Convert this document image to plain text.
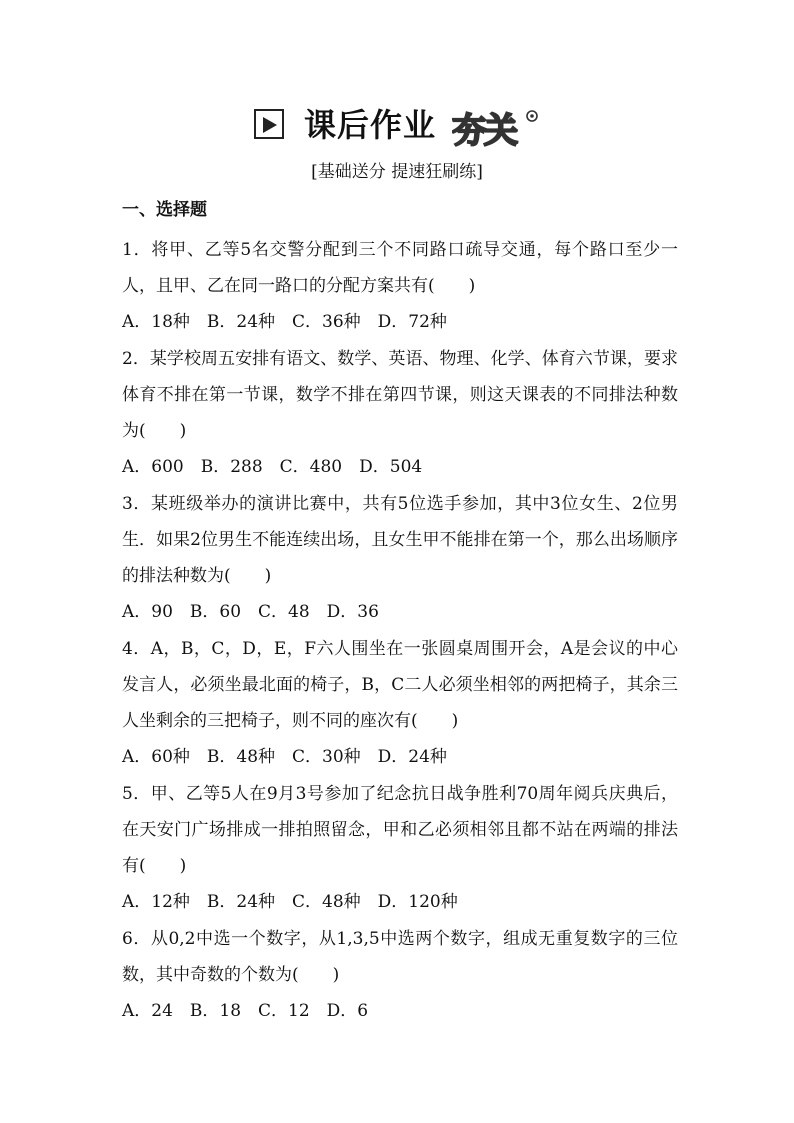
课后作业 夯关
[基础送分 提速狂刷练]
一、选择题
1．将甲、乙等5名交警分配到三个不同路口疏导交通，每个路口至少一人，且甲、乙在同一路口的分配方案共有(　　)
A．18种　B．24种　C．36种　D．72种
2．某学校周五安排有语文、数学、英语、物理、化学、体育六节课，要求体育不排在第一节课，数学不排在第四节课，则这天课表的不同排法种数为(　　)
A．600　B．288　C．480　D．504
3．某班级举办的演讲比赛中，共有5位选手参加，其中3位女生、2位男生．如果2位男生不能连续出场，且女生甲不能排在第一个，那么出场顺序的排法种数为(　　)
A．90　B．60　C．48　D．36
4．A，B，C，D，E，F六人围坐在一张圆桌周围开会，A是会议的中心发言人，必须坐最北面的椅子，B，C二人必须坐相邻的两把椅子，其余三人坐剩余的三把椅子，则不同的座次有(　　)
A．60种　B．48种　C．30种　D．24种
5．甲、乙等5人在9月3号参加了纪念抗日战争胜利70周年阅兵庆典后，在天安门广场排成一排拍照留念，甲和乙必须相邻且都不站在两端的排法有(　　)
A．12种　B．24种　C．48种　D．120种
6．从0,2中选一个数字，从1,3,5中选两个数字，组成无重复数字的三位数，其中奇数的个数为(　　)
A．24　B．18　C．12　D．6
